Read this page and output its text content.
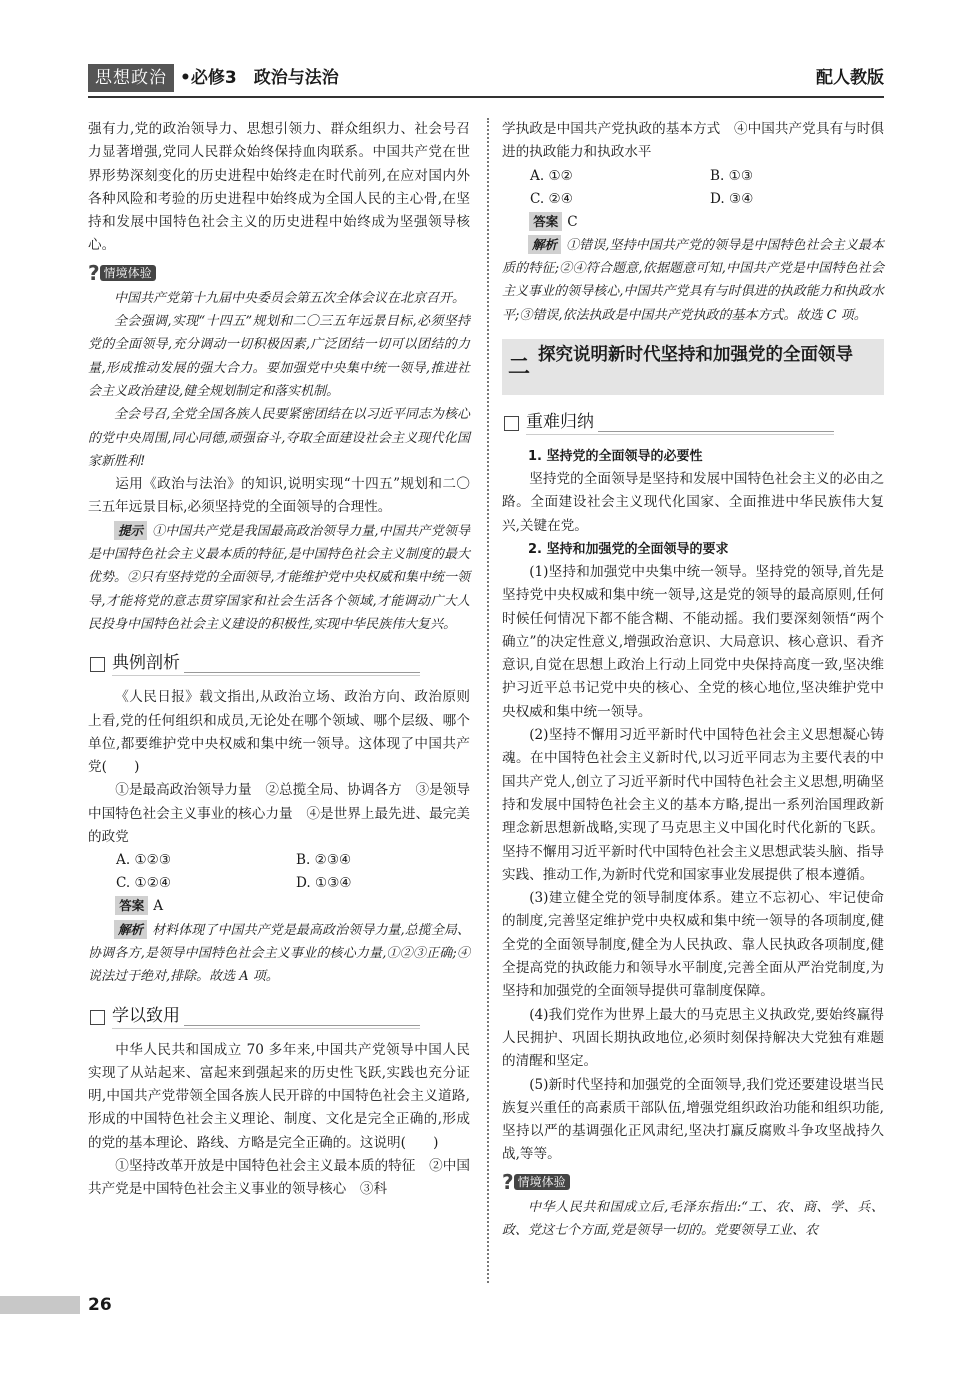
思想政治 •必修3　政治与法治	配人教版

强有力,党的政治领导力、思想引领力、群众组织力、社会号召力显著增强,党同人民群众始终保持血肉联系。中国共产党在世界形势深刻变化的历史进程中始终走在时代前列,在应对国内外各种风险和考验的历史进程中始终成为全国人民的主心骨,在坚持和发展中国特色社会主义的历史进程中始终成为坚强领导核心。

? 情境体验

中国共产党第十九届中央委员会第五次全体会议在北京召开。

全会强调,实现“十四五”规划和二〇三五年远景目标,必须坚持党的全面领导,充分调动一切积极因素,广泛团结一切可以团结的力量,形成推动发展的强大合力。要加强党中央集中统一领导,推进社会主义政治建设,健全规划制定和落实机制。

全会号召,全党全国各族人民要紧密团结在以习近平同志为核心的党中央周围,同心同德,顽强奋斗,夺取全面建设社会主义现代化国家新胜利!

运用《政治与法治》的知识,说明实现“十四五”规划和二〇三五年远景目标,必须坚持党的全面领导的合理性。

提示 ①中国共产党是我国最高政治领导力量,中国共产党领导是中国特色社会主义最本质的特征,是中国特色社会主义制度的最大优势。②只有坚持党的全面领导,才能维护党中央权威和集中统一领导,才能将党的意志贯穿国家和社会生活各个领域,才能调动广大人民投身中国特色社会主义建设的积极性,实现中华民族伟大复兴。

典例剖析

《人民日报》载文指出,从政治立场、政治方向、政治原则上看,党的任何组织和成员,无论处在哪个领域、哪个层级、哪个单位,都要维护党中央权威和集中统一领导。这体现了中国共产党(　　)

①是最高政治领导力量　②总揽全局、协调各方　③是领导中国特色社会主义事业的核心力量　④是世界上最先进、最完美的政党

A. ①②③	B. ②③④
C. ①②④	D. ①③④

答案 A

解析 材料体现了中国共产党是最高政治领导力量,总揽全局、协调各方,是领导中国特色社会主义事业的核心力量,①②③正确;④说法过于绝对,排除。故选 A 项。

学以致用

中华人民共和国成立 70 多年来,中国共产党领导中国人民实现了从站起来、富起来到强起来的历史性飞跃,实践也充分证明,中国共产党带领全国各族人民开辟的中国特色社会主义道路,形成的中国特色社会主义理论、制度、文化是完全正确的,形成的党的基本理论、路线、方略是完全正确的。这说明(　　)

①坚持改革开放是中国特色社会主义最本质的特征　②中国共产党是中国特色社会主义事业的领导核心　③科

学执政是中国共产党执政的基本方式　④中国共产党具有与时俱进的执政能力和执政水平

A. ①②	B. ①③
C. ②④	D. ③④

答案 C

解析 ①错误,坚持中国共产党的领导是中国特色社会主义最本质的特征;②④符合题意,依据题意可知,中国共产党是中国特色社会主义事业的领导核心,中国共产党具有与时俱进的执政能力和执政水平;③错误,依法执政是中国共产党执政的基本方式。故选 C 项。

二 探究说明新时代坚持和加强党的全面领导
重难归纳
1. 坚持党的全面领导的必要性

坚持党的全面领导是坚持和发展中国特色社会主义的必由之路。全面建设社会主义现代化国家、全面推进中华民族伟大复兴,关键在党。

2. 坚持和加强党的全面领导的要求

(1)坚持和加强党中央集中统一领导。坚持党的领导,首先是坚持党中央权威和集中统一领导,这是党的领导的最高原则,任何时候任何情况下都不能含糊、不能动摇。我们要深刻领悟“两个确立”的决定性意义,增强政治意识、大局意识、核心意识、看齐意识,自觉在思想上政治上行动上同党中央保持高度一致,坚决维护习近平总书记党中央的核心、全党的核心地位,坚决维护党中央权威和集中统一领导。

(2)坚持不懈用习近平新时代中国特色社会主义思想凝心铸魂。在中国特色社会主义新时代,以习近平同志为主要代表的中国共产党人,创立了习近平新时代中国特色社会主义思想,明确坚持和发展中国特色社会主义的基本方略,提出一系列治国理政新理念新思想新战略,实现了马克思主义中国化时代化新的飞跃。坚持不懈用习近平新时代中国特色社会主义思想武装头脑、指导实践、推动工作,为新时代党和国家事业发展提供了根本遵循。

(3)建立健全党的领导制度体系。建立不忘初心、牢记使命的制度,完善坚定维护党中央权威和集中统一领导的各项制度,健全党的全面领导制度,健全为人民执政、靠人民执政各项制度,健全提高党的执政能力和领导水平制度,完善全面从严治党制度,为坚持和加强党的全面领导提供可靠制度保障。

(4)我们党作为世界上最大的马克思主义执政党,要始终赢得人民拥护、巩固长期执政地位,必须时刻保持解决大党独有难题的清醒和坚定。

(5)新时代坚持和加强党的全面领导,我们党还要建设堪当民族复兴重任的高素质干部队伍,增强党组织政治功能和组织功能,坚持以严的基调强化正风肃纪,坚决打赢反腐败斗争攻坚战持久战,等等。

? 情境体验

中华人民共和国成立后,毛泽东指出:“工、农、商、学、兵、政、党这七个方面,党是领导一切的。党要领导工业、农

26
